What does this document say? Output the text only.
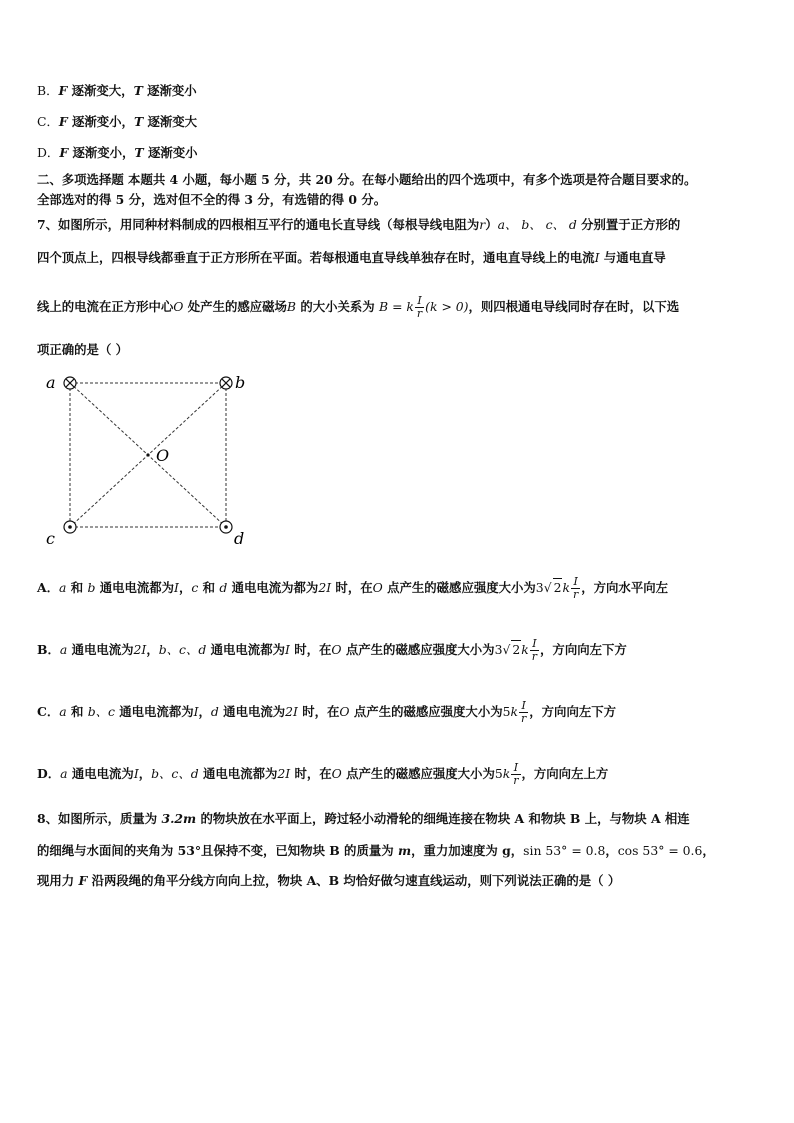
B．F 逐渐变大，T 逐渐变小
C．F 逐渐变小，T 逐渐变大
D．F 逐渐变小，T 逐渐变小
二、多项选择题 本题共 4 小题，每小题 5 分，共 20 分。在每小题给出的四个选项中，有多个选项是符合题目要求的。
全部选对的得 5 分，选对但不全的得 3 分，有选错的得 0 分。
7、如图所示，用同种材料制成的四根相互平行的通电长直导线（每根导线电阻为r）a、 b、 c、 d 分别置于正方形的
四个顶点上，四根导线都垂直于正方形所在平面。若每根通电直导线单独存在时，通电直导线上的电流I 与通电直导
线上的电流在正方形中心O 处产生的感应磁场B 的大小关系为 B = k $\frac{I}{r} (k > 0)$，则四根通电导线同时存在时，以下选
项正确的是（ ）
a	b
c	d
O
A．a 和 b 通电电流都为I，c 和 d 通电电流为都为2I 时，在O 点产生的磁感应强度大小为3√ $2k \frac{I}{r}$ ，方向水平向左
B．a 通电电流为2I，b、c、d 通电电流都为I 时，在O 点产生的磁感应强度大小为3√ $2k \frac{I}{r}$ ，方向向左下方
C．a 和 b、c 通电电流都为I，d 通电电流为2I 时，在O 点产生的磁感应强度大小为$5k \frac{I}{r}$ ，方向向左下方
D．a 通电电流为I，b、c、d 通电电流都为2I 时，在O 点产生的磁感应强度大小为$5k \frac{I}{r}$ ，方向向左上方
8、如图所示，质量为 3.2m 的物块放在水平面上，跨过轻小动滑轮的细绳连接在物块 A 和物块 B 上，与物块 A 相连
的细绳与水面间的夹角为 53°且保持不变，已知物块 B 的质量为 m，重力加速度为 g，sin 53° = 0.8，cos 53° = 0.6，
现用力 F 沿两段绳的角平分线方向向上拉，物块 A、B 均恰好做匀速直线运动，则下列说法正确的是（ ）
